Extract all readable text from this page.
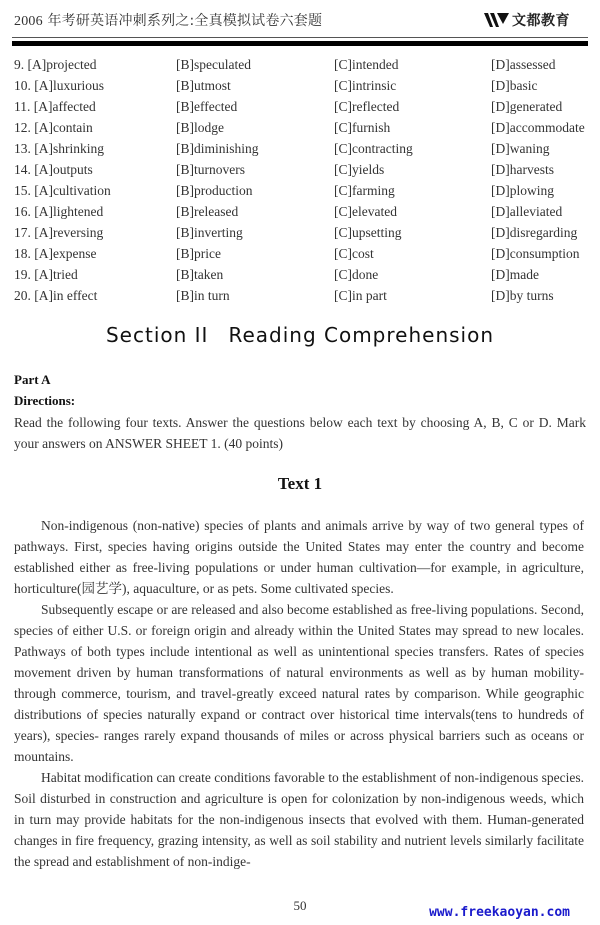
2006 年考研英语冲刺系列之:全真模拟试卷六套题	文都教育
9. [A]projected	[B]speculated	[C]intended	[D]assessed
10. [A]luxurious	[B]utmost	[C]intrinsic	[D]basic
11. [A]affected	[B]effected	[C]reflected	[D]generated
12. [A]contain	[B]lodge	[C]furnish	[D]accommodate
13. [A]shrinking	[B]diminishing	[C]contracting	[D]waning
14. [A]outputs	[B]turnovers	[C]yields	[D]harvests
15. [A]cultivation	[B]production	[C]farming	[D]plowing
16. [A]lightened	[B]released	[C]elevated	[D]alleviated
17. [A]reversing	[B]inverting	[C]upsetting	[D]disregarding
18. [A]expense	[B]price	[C]cost	[D]consumption
19. [A]tried	[B]taken	[C]done	[D]made
20. [A]in effect	[B]in turn	[C]in part	[D]by turns
Section II Reading Comprehension
Part A
Directions:
Read the following four texts. Answer the questions below each text by choosing A, B, C or D. Mark your answers on ANSWER SHEET 1. (40 points)
Text 1

Non-indigenous (non-native) species of plants and animals arrive by way of two general types of pathways. First, species having origins outside the United States may enter the country and become established either as free-living populations or under human cultivation—for example, in agriculture, horticulture(园艺学), aquaculture, or as pets. Some cultivated species.

Subsequently escape or are released and also become established as free-living populations. Second, species of either U.S. or foreign origin and already within the United States may spread to new locales. Pathways of both types include intentional as well as unintentional species transfers. Rates of species movement driven by human transformations of natural environments as well as by human mobility-through commerce, tourism, and travel-greatly exceed natural rates by comparison. While geographic distributions of species naturally expand or contract over historical time intervals(tens to hundreds of years), species- ranges rarely expand thousands of miles or across physical barriers such as oceans or mountains.

Habitat modification can create conditions favorable to the establishment of non-indigenous species. Soil disturbed in construction and agriculture is open for colonization by non-indigenous weeds, which in turn may provide habitats for the non-indigenous insects that evolved with them. Human-generated changes in fire frequency, grazing intensity, as well as soil stability and nutrient levels similarly facilitate the spread and establishment of non-indige-

50	www.freekaoyan.com
